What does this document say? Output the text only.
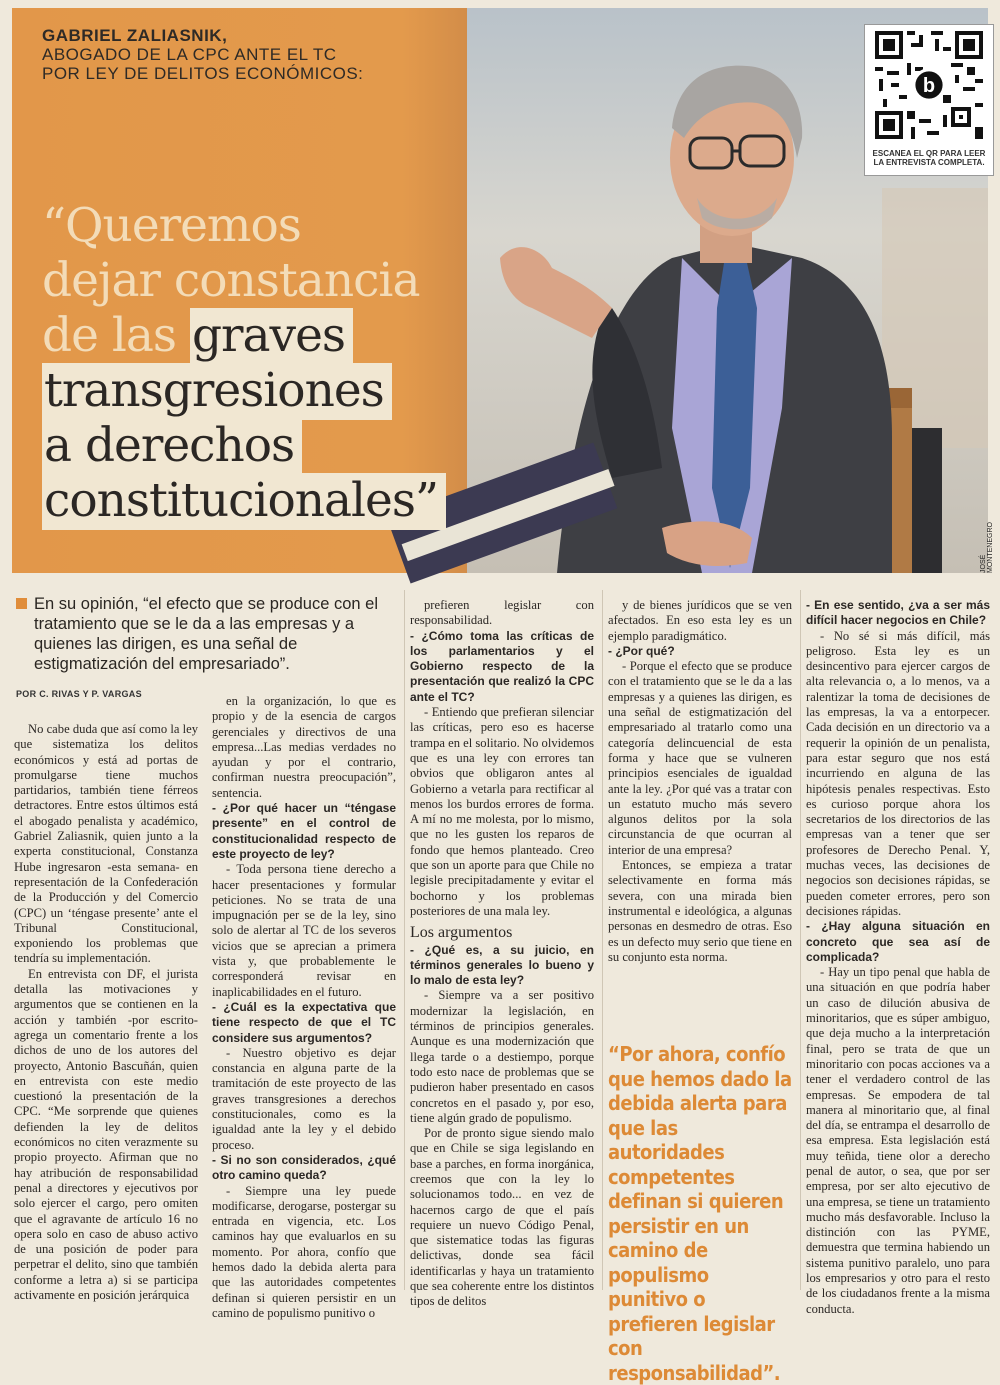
GABRIEL ZALIASNIK,
ABOGADO DE LA CPC ANTE EL TC
POR LEY DE DELITOS ECONÓMICOS:
“Queremos
dejar constancia
de las graves
transgresiones
a derechos
constitucionales”
b
ESCANEA EL QR PARA LEER LA ENTREVISTA COMPLETA.
JOSÉ MONTENEGRO

En su opinión, “el efecto que se produce con el tratamiento que se le da a las empresas y a quienes las dirigen, es una señal de estigmatización del empresariado”.

POR C. RIVAS Y P. VARGAS

No cabe duda que así como la ley que sistematiza los delitos económicos y está ad portas de promulgarse tiene muchos partidarios, también tiene férreos detractores. Entre estos últimos está el abogado penalista y académico, Gabriel Zaliasnik, quien junto a la experta constitucional, Constanza Hube ingresaron -esta semana- en representación de la Confederación de la Producción y del Comercio (CPC) un ‘téngase presente’ ante el Tribunal Constitucional, exponiendo los problemas que tendría su implementación.

En entrevista con DF, el jurista detalla las motivaciones y argumentos que se contienen en la acción y también -por escrito- agrega un comentario frente a los dichos de uno de los autores del proyecto, Antonio Bascuñán, quien en entrevista con este medio cuestionó la presentación de la CPC. “Me sorprende que quienes defienden la ley de delitos económicos no citen verazmente su propio proyecto. Afirman que no hay atribución de responsabilidad penal a directores y ejecutivos por solo ejercer el cargo, pero omiten que el agravante de artículo 16 no opera solo en caso de abuso activo de una posición de poder para perpetrar el delito, sino que también conforme a letra a) si se participa activamente en posición jerárquica

en la organización, lo que es propio y de la esencia de cargos gerenciales y directivos de una empresa...Las medias verdades no ayudan y por el contrario, confirman nuestra preocupación”, sentencia.

- ¿Por qué hacer un “téngase presente” en el control de constitucionalidad respecto de este proyecto de ley?

- Toda persona tiene derecho a hacer presentaciones y formular peticiones. No se trata de una impugnación per se de la ley, sino solo de alertar al TC de los severos vicios que se aprecian a primera vista y, que probablemente le corresponderá revisar en inaplicabilidades en el futuro.

- ¿Cuál es la expectativa que tiene respecto de que el TC considere sus argumentos?

- Nuestro objetivo es dejar constancia en alguna parte de la tramitación de este proyecto de las graves transgresiones a derechos constitucionales, como es la igualdad ante la ley y el debido proceso.

- Si no son considerados, ¿qué otro camino queda?

- Siempre una ley puede modificarse, derogarse, postergar su entrada en vigencia, etc. Los caminos hay que evaluarlos en su momento. Por ahora, confío que hemos dado la debida alerta para que las autoridades competentes definan si quieren persistir en un camino de populismo punitivo o

prefieren legislar con responsabilidad.

- ¿Cómo toma las críticas de los parlamentarios y el Gobierno respecto de la presentación que realizó la CPC ante el TC?

- Entiendo que prefieran silenciar las críticas, pero eso es hacerse trampa en el solitario. No olvidemos que es una ley con errores tan obvios que obligaron antes al Gobierno a vetarla para rectificar al menos los burdos errores de forma. A mí no me molesta, por lo mismo, que no les gusten los reparos de fondo que hemos planteado. Creo que son un aporte para que Chile no legisle precipitadamente y evitar el bochorno y los problemas posteriores de una mala ley.

Los argumentos

- ¿Qué es, a su juicio, en términos generales lo bueno y lo malo de esta ley?

- Siempre va a ser positivo modernizar la legislación, en términos de principios generales. Aunque es una modernización que llega tarde o a destiempo, porque todo esto nace de problemas que se pudieron haber presentado en casos concretos en el pasado y, por eso, tiene algún grado de populismo.

Por de pronto sigue siendo malo que en Chile se siga legislando en base a parches, en forma inorgánica, creemos que con la ley lo solucionamos todo... en vez de hacernos cargo de que el país requiere un nuevo Código Penal, que sistematice todas las figuras delictivas, donde sea fácil identificarlas y haya un tratamiento que sea coherente entre los distintos tipos de delitos

y de bienes jurídicos que se ven afectados. En eso esta ley es un ejemplo paradigmático.

- ¿Por qué?

- Porque el efecto que se produce con el tratamiento que se le da a las empresas y a quienes las dirigen, es una señal de estigmatización del empresariado al tratarlo como una categoría delincuencial de esta forma y hace que se vulneren principios esenciales de igualdad ante la ley. ¿Por qué vas a tratar con un estatuto mucho más severo algunos delitos por la sola circunstancia de que ocurran al interior de una empresa?

Entonces, se empieza a tratar selectivamente en forma más severa, con una mirada bien instrumental e ideológica, a algunas personas en desmedro de otras. Eso es un defecto muy serio que tiene en su conjunto esta norma.

- En ese sentido, ¿va a ser más difícil hacer negocios en Chile?

- No sé si más difícil, más peligroso. Esta ley es un desincentivo para ejercer cargos de alta relevancia o, a lo menos, va a ralentizar la toma de decisiones de las empresas, la va a entorpecer. Cada decisión en un directorio va a requerir la opinión de un penalista, para estar seguro que nos está incurriendo en alguna de las hipótesis penales respectivas. Esto es curioso porque ahora los secretarios de los directorios de las empresas van a tener que ser profesores de Derecho Penal. Y, muchas veces, las decisiones de negocios son decisiones rápidas, se pueden cometer errores, pero son decisiones rápidas.

- ¿Hay alguna situación en concreto que sea así de complicada?

- Hay un tipo penal que habla de una situación en que podría haber un caso de dilución abusiva de minoritarios, que es súper ambiguo, que deja mucho a la interpretación final, pero se trata de que un minoritario con pocas acciones va a tener el verdadero control de las empresas. Se empodera de tal manera al minoritario que, al final del día, se entrampa el desarrollo de esa empresa. Esta legislación está muy teñida, tiene olor a derecho penal de autor, o sea, que por ser empresa, por ser alto ejecutivo de una empresa, se tiene un tratamiento mucho más desfavorable. Incluso la distinción con las PYME, demuestra que termina habiendo un sistema punitivo paralelo, uno para los empresarios y otro para el resto de los ciudadanos frente a la misma conducta.

“Por ahora, confío que hemos dado la debida alerta para que las autoridades competentes definan si quieren persistir en un camino de populismo punitivo o prefieren legislar con responsabilidad”.
